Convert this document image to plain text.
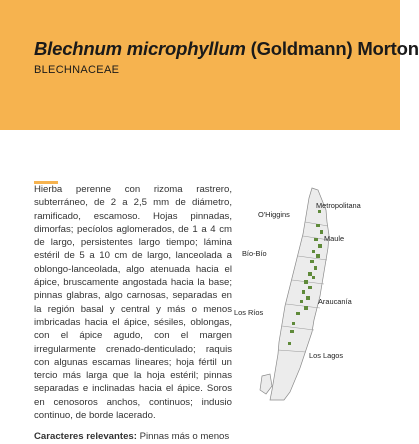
Blechnum microphyllum (Goldmann) Morton
BLECHNACEAE

Hierba perenne con rizoma rastrero, subterráneo, de 2 a 2,5 mm de diámetro, ramificado, escamoso. Hojas pinnadas, dimorfas; pecíolos aglomerados, de 1 a 4 cm de largo, persistentes largo tiempo; lámina estéril de 5 a 10 cm de largo, lanceolada a oblongo-lanceolada, algo atenuada hacia el ápice, bruscamente angostada hacia la base; pinnas glabras, algo carnosas, separadas en la región basal y central y más o menos imbricadas hacia el ápice, sésiles, oblongas, con el ápice agudo, con el margen irregularmente crenado-denticulado; raquis con algunas escamas lineares; hoja fértil un tercio más larga que la hoja estéril; pinnas separadas e inclinadas hacia el ápice. Soros en cenosoros anchos, continuos; indusio continuo, de borde lacerado.

Caracteres relevantes: Pinnas más o menos

Metropolitana
O'Higgins
Maule
Bío-Bío
Araucanía
Los Ríos
Los Lagos
